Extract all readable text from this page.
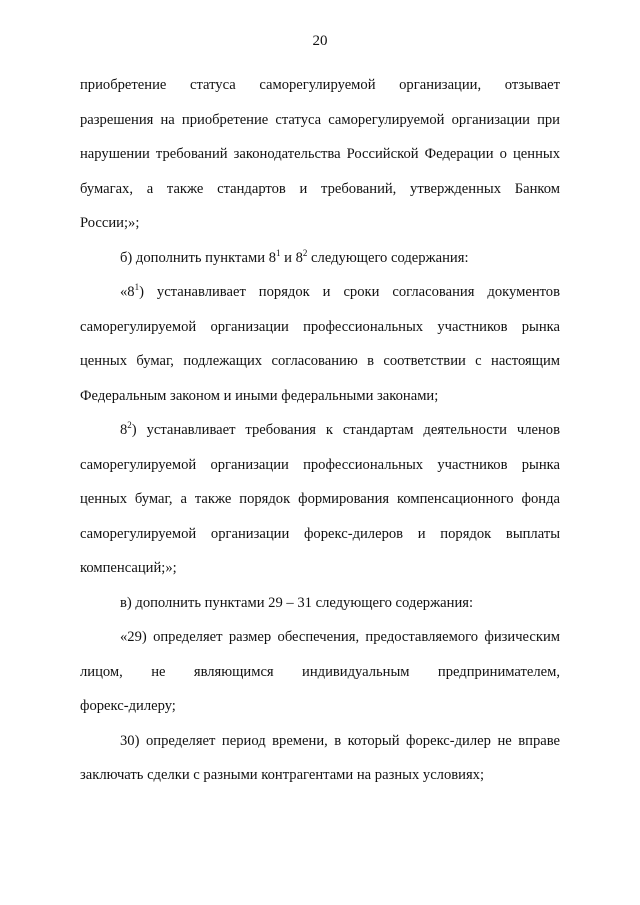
20
приобретение статуса саморегулируемой организации, отзывает
разрешения на приобретение статуса саморегулируемой организации при
нарушении требований законодательства Российской Федерации о ценных
бумагах, а также стандартов и требований, утвержденных Банком
России;»;
б) дополнить пунктами $8^1$ и $8^2$ следующего содержания:
«$8^1$) устанавливает порядок и сроки согласования документов
саморегулируемой организации профессиональных участников рынка
ценных бумаг, подлежащих согласованию в соответствии с настоящим
Федеральным законом и иными федеральными законами;
$8^2$) устанавливает требования к стандартам деятельности членов
саморегулируемой организации профессиональных участников рынка
ценных бумаг, а также порядок формирования компенсационного фонда
саморегулируемой организации форекс-дилеров и порядок выплаты
компенсаций;»;
в) дополнить пунктами 29 – 31 следующего содержания:
«29) определяет размер обеспечения, предоставляемого физическим
лицом, не являющимся индивидуальным предпринимателем,
форекс-дилеру;
30) определяет период времени, в который форекс-дилер не вправе
заключать сделки с разными контрагентами на разных условиях;
